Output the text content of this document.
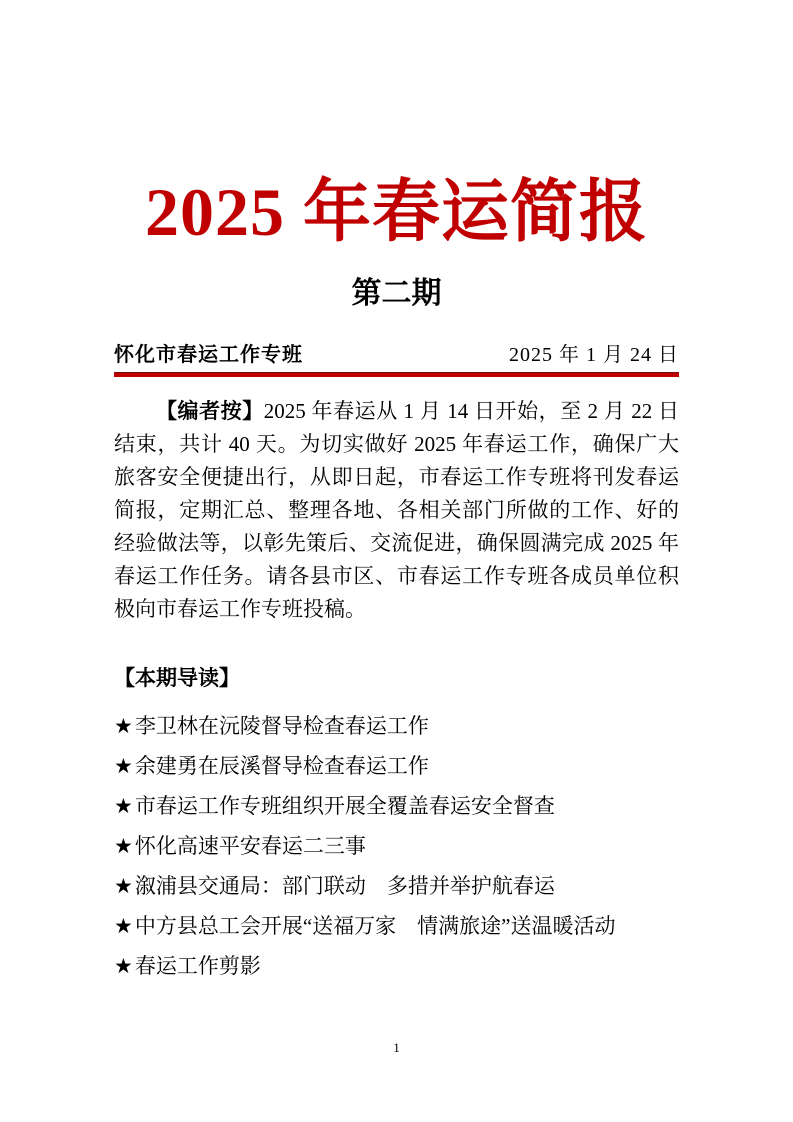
2025 年春运简报
第二期
怀化市春运工作专班	2025 年 1 月 24 日

【编者按】2025 年春运从 1 月 14 日开始，至 2 月 22 日结束，共计 40 天。为切实做好 2025 年春运工作，确保广大旅客安全便捷出行，从即日起，市春运工作专班将刊发春运简报，定期汇总、整理各地、各相关部门所做的工作、好的经验做法等，以彰先策后、交流促进，确保圆满完成 2025 年春运工作任务。请各县市区、市春运工作专班各成员单位积极向市春运工作专班投稿。

【本期导读】
★李卫林在沅陵督导检查春运工作
★余建勇在辰溪督导检查春运工作
★市春运工作专班组织开展全覆盖春运安全督查
★怀化高速平安春运二三事
★溆浦县交通局：部门联动　多措并举护航春运
★中方县总工会开展“送福万家　情满旅途”送温暖活动
★春运工作剪影
1
